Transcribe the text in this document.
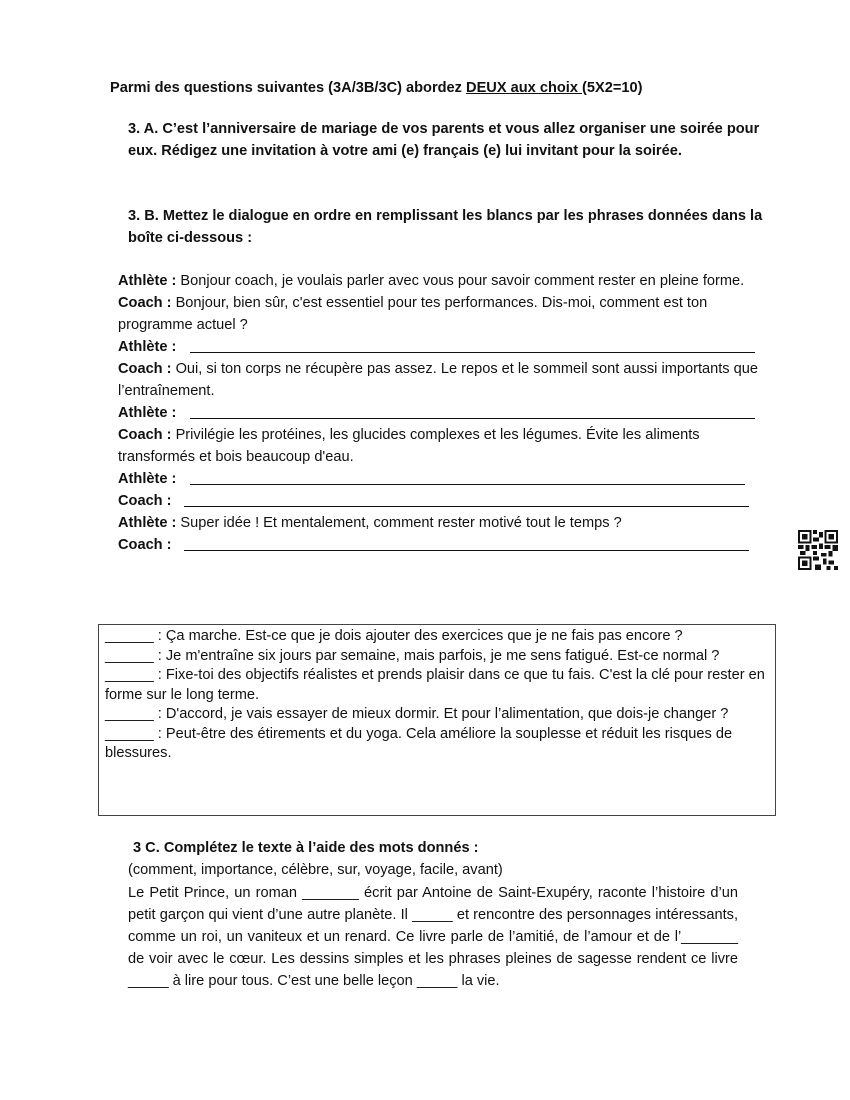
Parmi des questions suivantes (3A/3B/3C) abordez DEUX aux choix (5X2=10)
3. A. C’est l’anniversaire de mariage de vos parents et vous allez organiser une soirée pour eux. Rédigez une invitation à votre ami (e) français (e) lui invitant pour la soirée.
3. B. Mettez le dialogue en ordre en remplissant les blancs par les phrases données dans la boîte ci-dessous :
Athlète : Bonjour coach, je voulais parler avec vous pour savoir comment rester en pleine forme.
Coach : Bonjour, bien sûr, c'est essentiel pour tes performances. Dis-moi, comment est ton programme actuel ?
Athlète :
Coach : Oui, si ton corps ne récupère pas assez. Le repos et le sommeil sont aussi importants que l’entraînement.
Athlète :
Coach : Privilégie les protéines, les glucides complexes et les légumes. Évite les aliments transformés et bois beaucoup d'eau.
Athlète :
Coach :
Athlète : Super idée ! Et mentalement, comment rester motivé tout le temps ?
Coach :
______ : Ça marche. Est-ce que je dois ajouter des exercices que je ne fais pas encore ?
______ : Je m'entraîne six jours par semaine, mais parfois, je me sens fatigué. Est-ce normal ?
______ : Fixe-toi des objectifs réalistes et prends plaisir dans ce que tu fais. C'est la clé pour rester en forme sur le long terme.
______ : D'accord, je vais essayer de mieux dormir. Et pour l’alimentation, que dois-je changer ?
______ : Peut-être des étirements et du yoga. Cela améliore la souplesse et réduit les risques de blessures.
3 C. Complétez le texte à l’aide des mots donnés :
(comment, importance, célèbre, sur, voyage, facile, avant)
Le Petit Prince, un roman _______ écrit par Antoine de Saint-Exupéry, raconte l’histoire d’un petit garçon qui vient d’une autre planète. Il _____ et rencontre des personnages intéressants, comme un roi, un vaniteux et un renard. Ce livre parle de l’amitié, de l’amour et de l’_______ de voir avec le cœur. Les dessins simples et les phrases pleines de sagesse rendent ce livre _____ à lire pour tous. C’est une belle leçon _____ la vie.
